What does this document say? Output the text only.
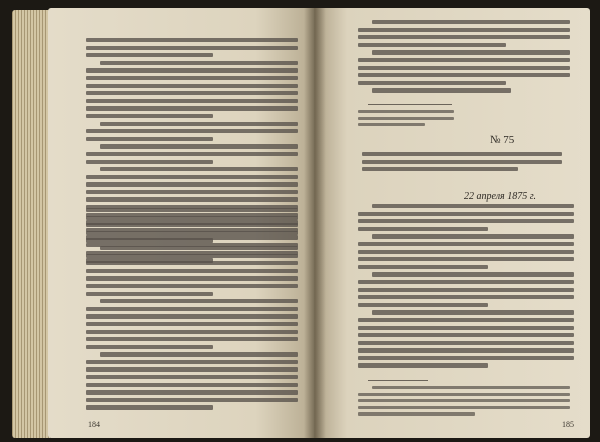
184
№ 75
22 апреля 1875 г.
185
